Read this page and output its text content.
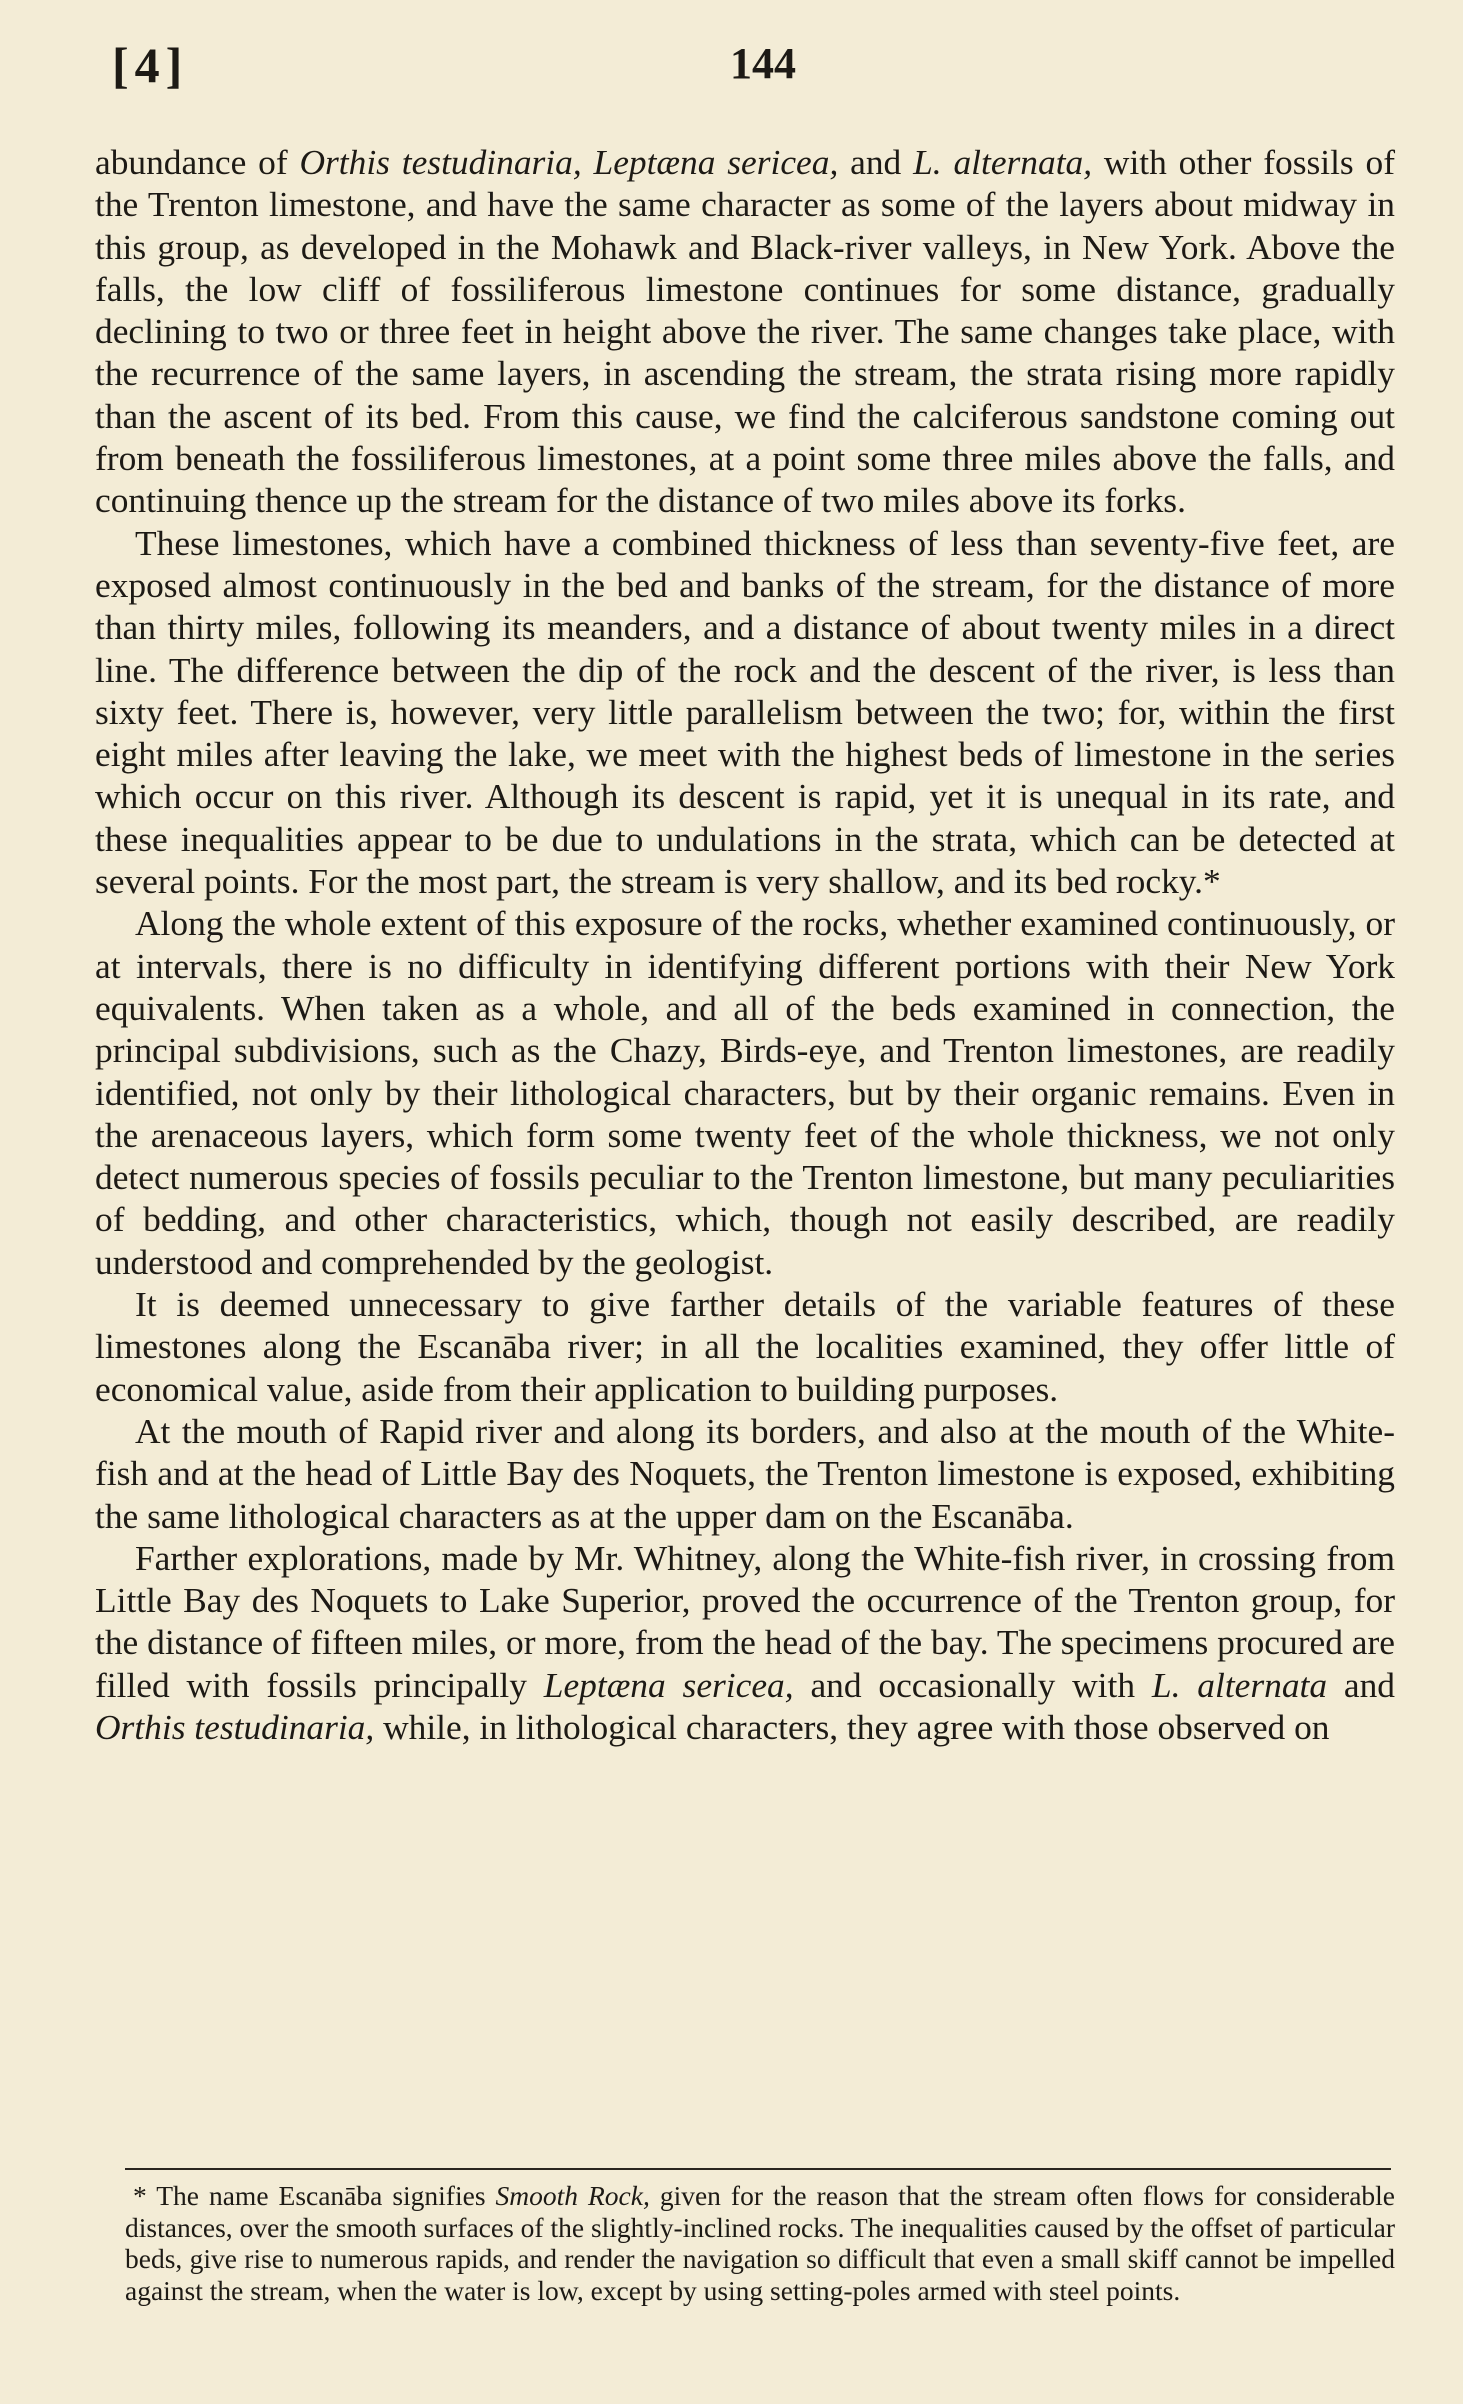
[4]	144

abundance of Orthis testudinaria, Leptæna sericea, and L. alternata, with other fossils of the Trenton limestone, and have the same character as some of the layers about midway in this group, as developed in the Mohawk and Black-river valleys, in New York. Above the falls, the low cliff of fossiliferous limestone continues for some distance, gradually declining to two or three feet in height above the river. The same changes take place, with the recurrence of the same layers, in ascending the stream, the strata rising more rapidly than the ascent of its bed. From this cause, we find the calciferous sandstone coming out from beneath the fossiliferous limestones, at a point some three miles above the falls, and continuing thence up the stream for the distance of two miles above its forks.

These limestones, which have a combined thickness of less than seventy-five feet, are exposed almost continuously in the bed and banks of the stream, for the distance of more than thirty miles, following its meanders, and a distance of about twenty miles in a direct line. The difference between the dip of the rock and the descent of the river, is less than sixty feet. There is, however, very little parallelism between the two; for, within the first eight miles after leaving the lake, we meet with the highest beds of limestone in the series which occur on this river. Although its descent is rapid, yet it is unequal in its rate, and these inequalities appear to be due to undulations in the strata, which can be detected at several points. For the most part, the stream is very shallow, and its bed rocky.*

Along the whole extent of this exposure of the rocks, whether examined continuously, or at intervals, there is no difficulty in identifying different portions with their New York equivalents. When taken as a whole, and all of the beds examined in connection, the principal subdivisions, such as the Chazy, Birds-eye, and Trenton limestones, are readily identified, not only by their lithological characters, but by their organic remains. Even in the arenaceous layers, which form some twenty feet of the whole thickness, we not only detect numerous species of fossils peculiar to the Trenton limestone, but many peculiarities of bedding, and other characteristics, which, though not easily described, are readily understood and comprehended by the geologist.

It is deemed unnecessary to give farther details of the variable features of these limestones along the Escanāba river; in all the localities examined, they offer little of economical value, aside from their application to building purposes.

At the mouth of Rapid river and along its borders, and also at the mouth of the White-fish and at the head of Little Bay des Noquets, the Trenton limestone is exposed, exhibiting the same lithological characters as at the upper dam on the Escanāba.

Farther explorations, made by Mr. Whitney, along the White-fish river, in crossing from Little Bay des Noquets to Lake Superior, proved the occurrence of the Trenton group, for the distance of fifteen miles, or more, from the head of the bay. The specimens procured are filled with fossils principally Leptæna sericea, and occasionally with L. alternata and Orthis testudinaria, while, in lithological characters, they agree with those observed on

* The name Escanāba signifies Smooth Rock, given for the reason that the stream often flows for considerable distances, over the smooth surfaces of the slightly-inclined rocks. The inequalities caused by the offset of particular beds, give rise to numerous rapids, and render the navigation so difficult that even a small skiff cannot be impelled against the stream, when the water is low, except by using setting-poles armed with steel points.
